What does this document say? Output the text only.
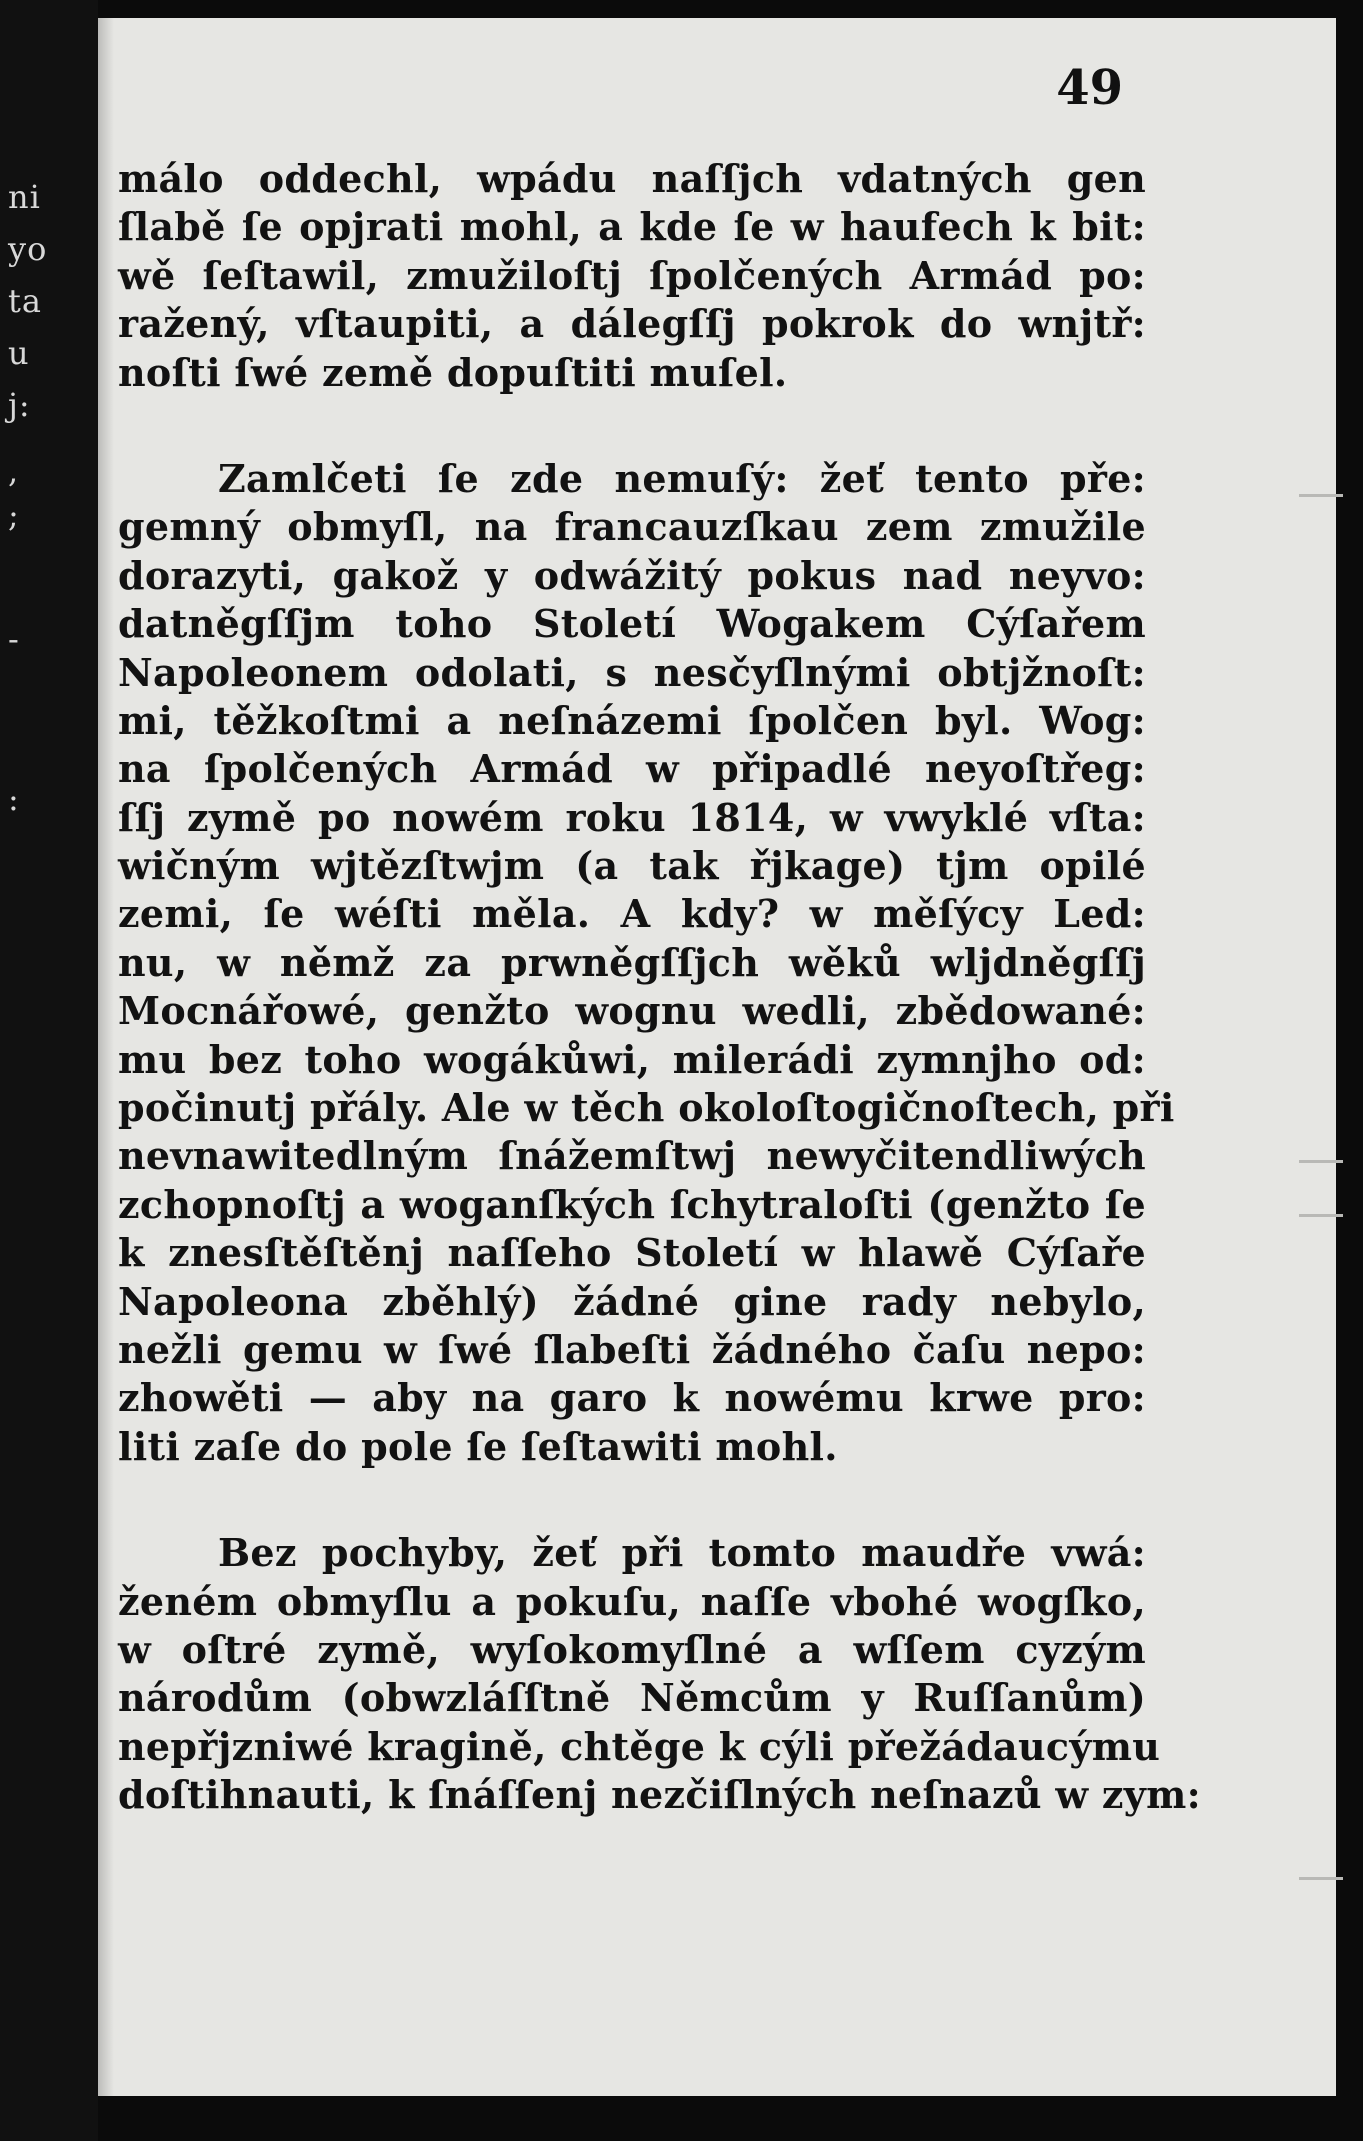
ni
yo
ta
u
j:
,
;
-
:
49
málo oddechl, wpádu naſſjch vdatných gen
ſlabě ſe opjrati mohl, a kde ſe w haufech k bit:
wě ſeſtawil, zmužiloſtj ſpolčených Armád po:
ražený, vſtaupiti, a dálegſſj pokrok do wnjtř:
noſti ſwé země dopuſtiti muſel.
Zamlčeti ſe zde nemuſý: žeť tento pře:
gemný obmyſl, na francauzſkau zem zmužile
dorazyti, gakož y odwážitý pokus nad neyvo:
datněgſſjm toho Století Wogakem Cýſařem
Napoleonem odolati, s nesčyſlnými obtjžnoſt:
mi, těžkoſtmi a neſnázemi ſpolčen byl. Wog:
na ſpolčených Armád w připadlé neyoſtřeg:
ſſj zymě po nowém roku 1814, w vwyklé vſta:
wičným wjtězſtwjm (a tak řjkage) tjm opilé
zemi, ſe wéſti měla. A kdy? w měſýcy Led:
nu, w němž za prwněgſſjch wěků wljdněgſſj
Mocnářowé, genžto wognu wedli, zbědowané:
mu bez toho wogákůwi, milerádi zymnjho od:
počinutj přály. Ale w těch okoloſtogičnoſtech, při
nevnawitedlným ſnážemſtwj newyčitendliwých
zchopnoſtj a woganſkých ſchytraloſti (genžto ſe
k znesſtěſtěnj naſſeho Století w hlawě Cýſaře
Napoleona zběhlý) žádné gine rady nebylo,
nežli gemu w ſwé ſlabeſti žádného čaſu nepo:
zhowěti — aby na garo k nowému krwe pro:
liti zaſe do pole ſe ſeſtawiti mohl.
Bez pochyby, žeť při tomto maudře vwá:
ženém obmyſlu a pokuſu, naſſe vbohé wogſko,
w oſtré zymě, wyſokomyſlné a wſſem cyzým
národům (obwzláſſtně Němcům y Ruſſanům)
nepřjzniwé kragině, chtěge k cýli přežádaucýmu
doſtihnauti, k ſnáſſenj nezčiſlných neſnazů w zym:
